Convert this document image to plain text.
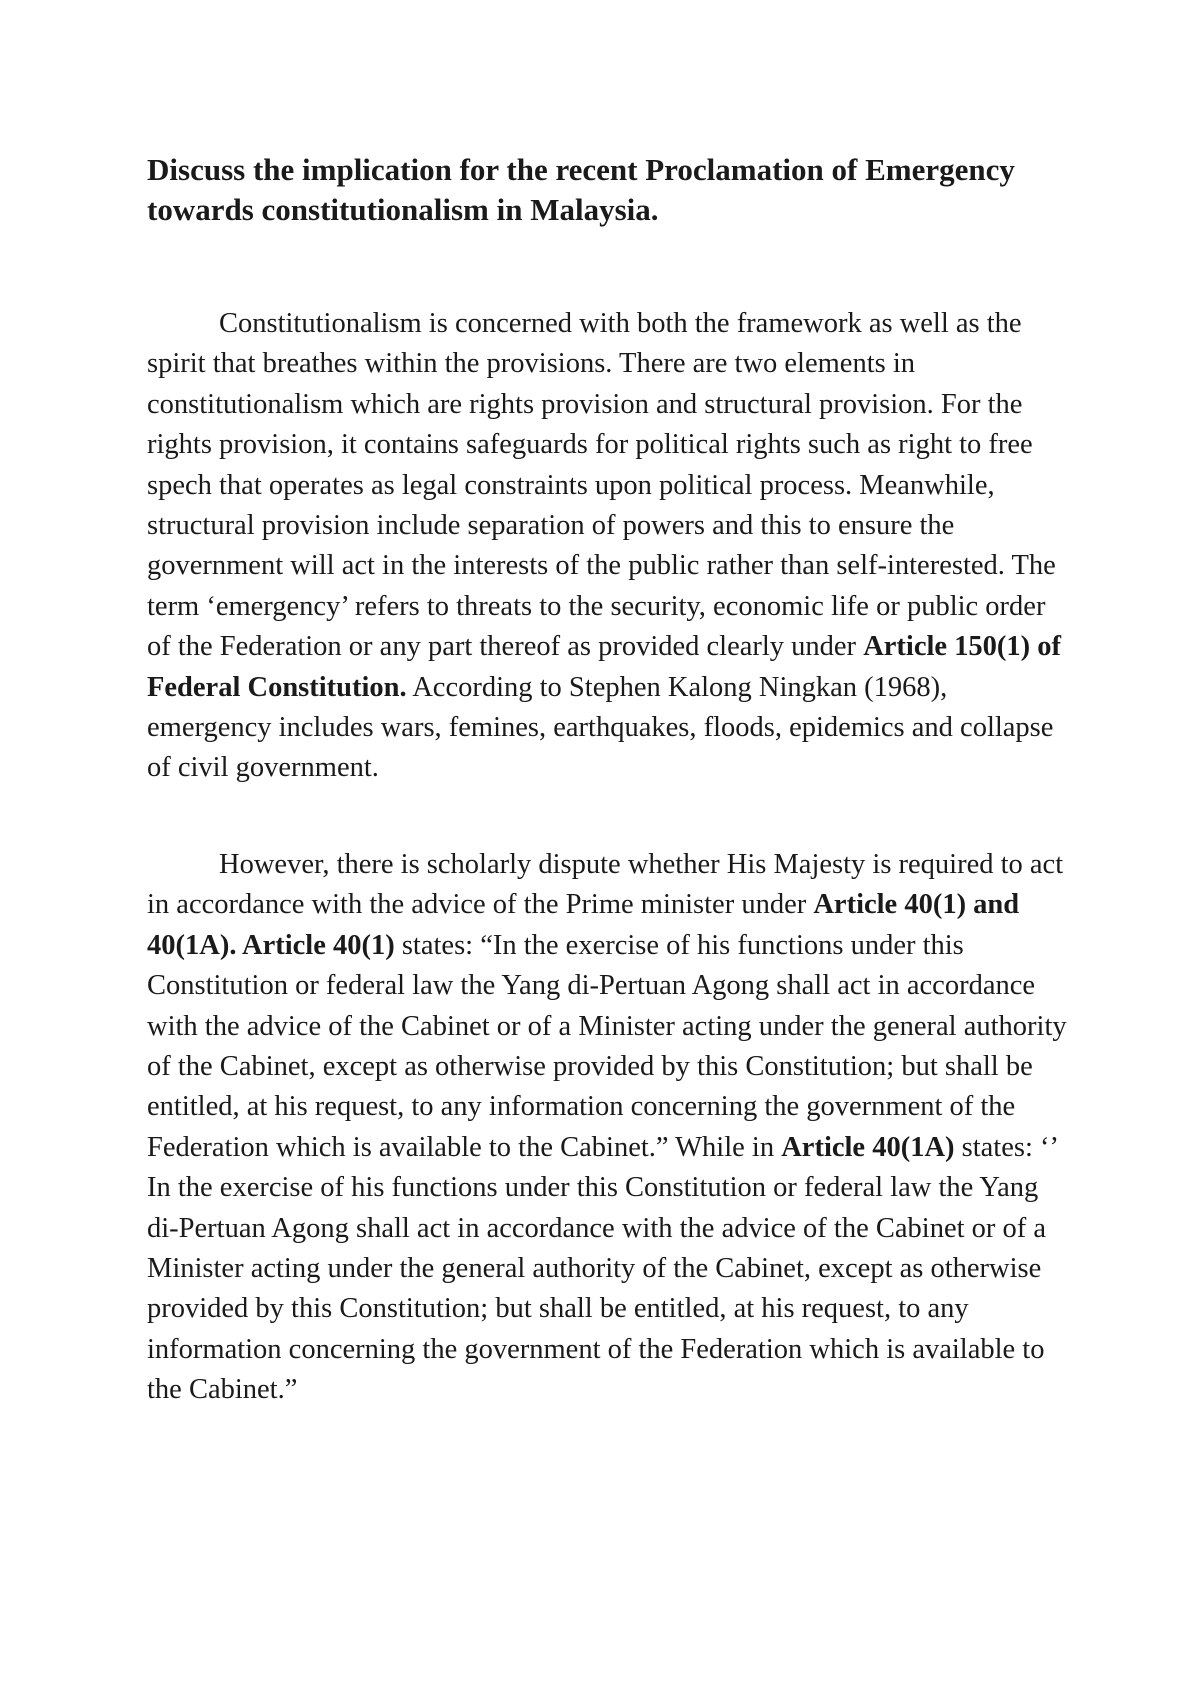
Discuss the implication for the recent Proclamation of Emergency towards constitutionalism in Malaysia.

Constitutionalism is concerned with both the framework as well as the spirit that breathes within the provisions. There are two elements in constitutionalism which are rights provision and structural provision. For the rights provision, it contains safeguards for political rights such as right to free spech that operates as legal constraints upon political process. Meanwhile, structural provision include separation of powers and this to ensure the government will act in the interests of the public rather than self-interested. The term ‘emergency’ refers to threats to the security, economic life or public order of the Federation or any part thereof as provided clearly under Article 150(1) of Federal Constitution. According to Stephen Kalong Ningkan (1968), emergency includes wars, femines, earthquakes, floods, epidemics and collapse of civil government.

However, there is scholarly dispute whether His Majesty is required to act in accordance with the advice of the Prime minister under Article 40(1) and 40(1A). Article 40(1) states: “In the exercise of his functions under this Constitution or federal law the Yang di-Pertuan Agong shall act in accordance with the advice of the Cabinet or of a Minister acting under the general authority of the Cabinet, except as otherwise provided by this Constitution; but shall be entitled, at his request, to any information concerning the government of the Federation which is available to the Cabinet.” While in Article 40(1A) states: ‘’ In the exercise of his functions under this Constitution or federal law the Yang di-Pertuan Agong shall act in accordance with the advice of the Cabinet or of a Minister acting under the general authority of the Cabinet, except as otherwise provided by this Constitution; but shall be entitled, at his request, to any information concerning the government of the Federation which is available to the Cabinet.”
